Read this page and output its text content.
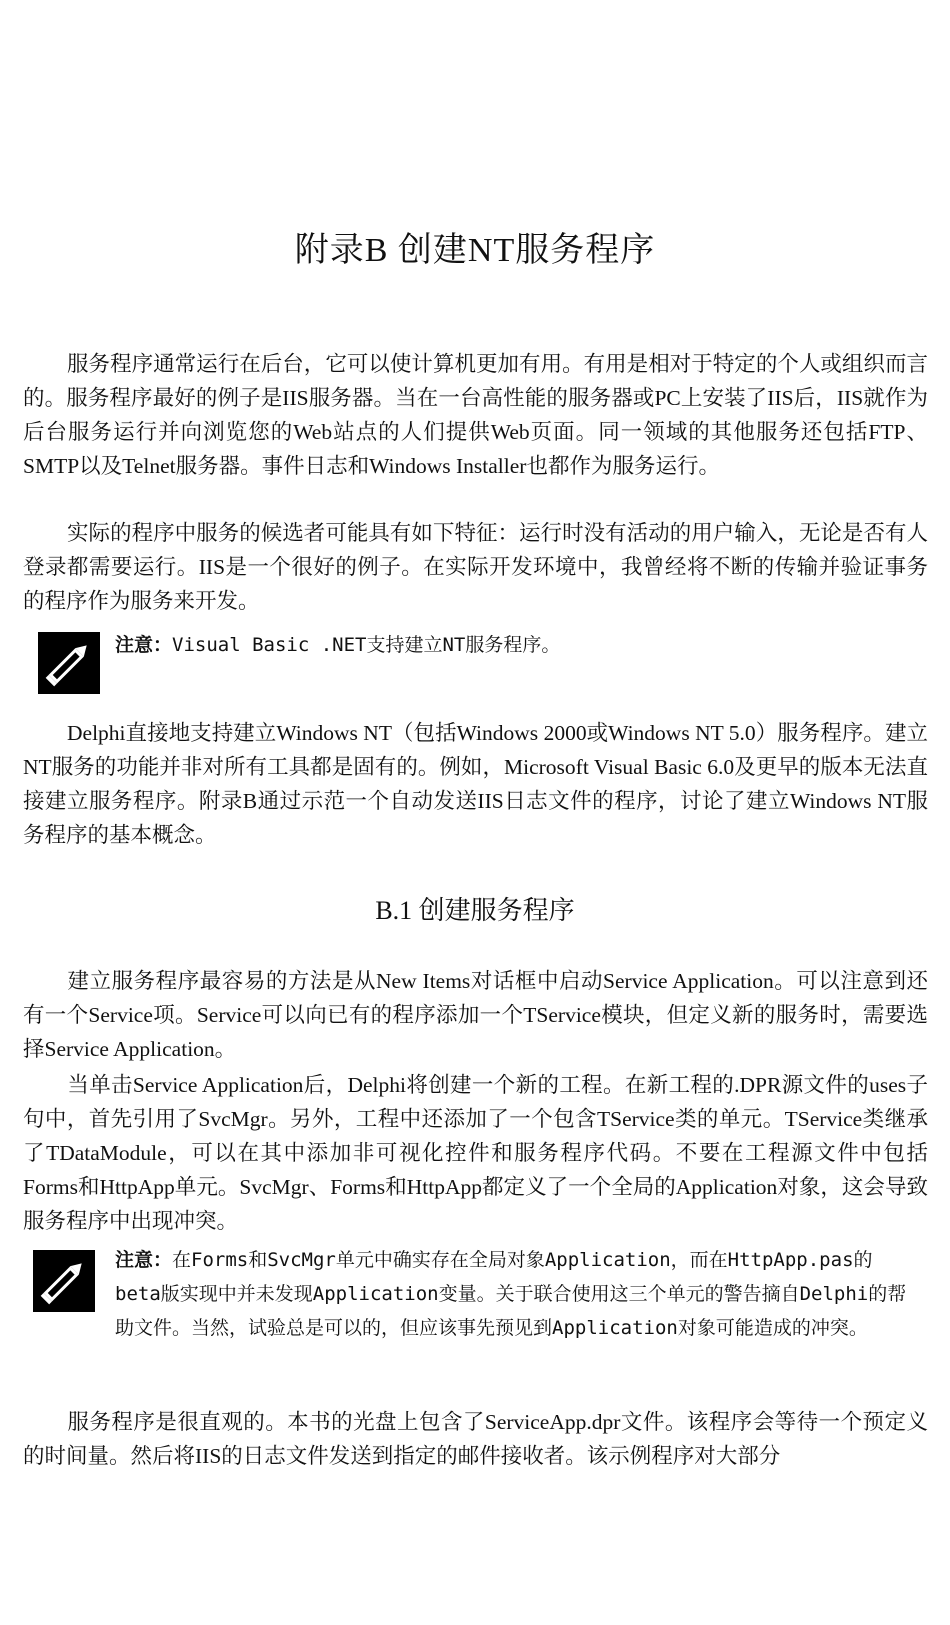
附录B 创建NT服务程序

服务程序通常运行在后台，它可以使计算机更加有用。有用是相对于特定的个人或组织而言的。服务程序最好的例子是IIS服务器。当在一台高性能的服务器或PC上安装了IIS后，IIS就作为后台服务运行并向浏览您的Web站点的人们提供Web页面。同一领域的其他服务还包括FTP、SMTP以及Telnet服务器。事件日志和Windows Installer也都作为服务运行。

实际的程序中服务的候选者可能具有如下特征：运行时没有活动的用户输入，无论是否有人登录都需要运行。IIS是一个很好的例子。在实际开发环境中，我曾经将不断的传输并验证事务的程序作为服务来开发。

注意：Visual Basic .NET支持建立NT服务程序。

Delphi直接地支持建立Windows NT（包括Windows 2000或Windows NT 5.0）服务程序。建立NT服务的功能并非对所有工具都是固有的。例如，Microsoft Visual Basic 6.0及更早的版本无法直接建立服务程序。附录B通过示范一个自动发送IIS日志文件的程序，讨论了建立Windows NT服务程序的基本概念。

B.1 创建服务程序

建立服务程序最容易的方法是从New Items对话框中启动Service Application。可以注意到还有一个Service项。Service可以向已有的程序添加一个TService模块，但定义新的服务时，需要选择Service Application。

当单击Service Application后，Delphi将创建一个新的工程。在新工程的.DPR源文件的uses子句中，首先引用了SvcMgr。另外，工程中还添加了一个包含TService类的单元。TService类继承了TDataModule，可以在其中添加非可视化控件和服务程序代码。不要在工程源文件中包括Forms和HttpApp单元。SvcMgr、Forms和HttpApp都定义了一个全局的Application对象，这会导致服务程序中出现冲突。

注意：在Forms和SvcMgr单元中确实存在全局对象Application，而在HttpApp.pas的beta版实现中并未发现Application变量。关于联合使用这三个单元的警告摘自Delphi的帮助文件。当然，试验总是可以的，但应该事先预见到Application对象可能造成的冲突。

服务程序是很直观的。本书的光盘上包含了ServiceApp.dpr文件。该程序会等待一个预定义的时间量。然后将IIS的日志文件发送到指定的邮件接收者。该示例程序对大部分
